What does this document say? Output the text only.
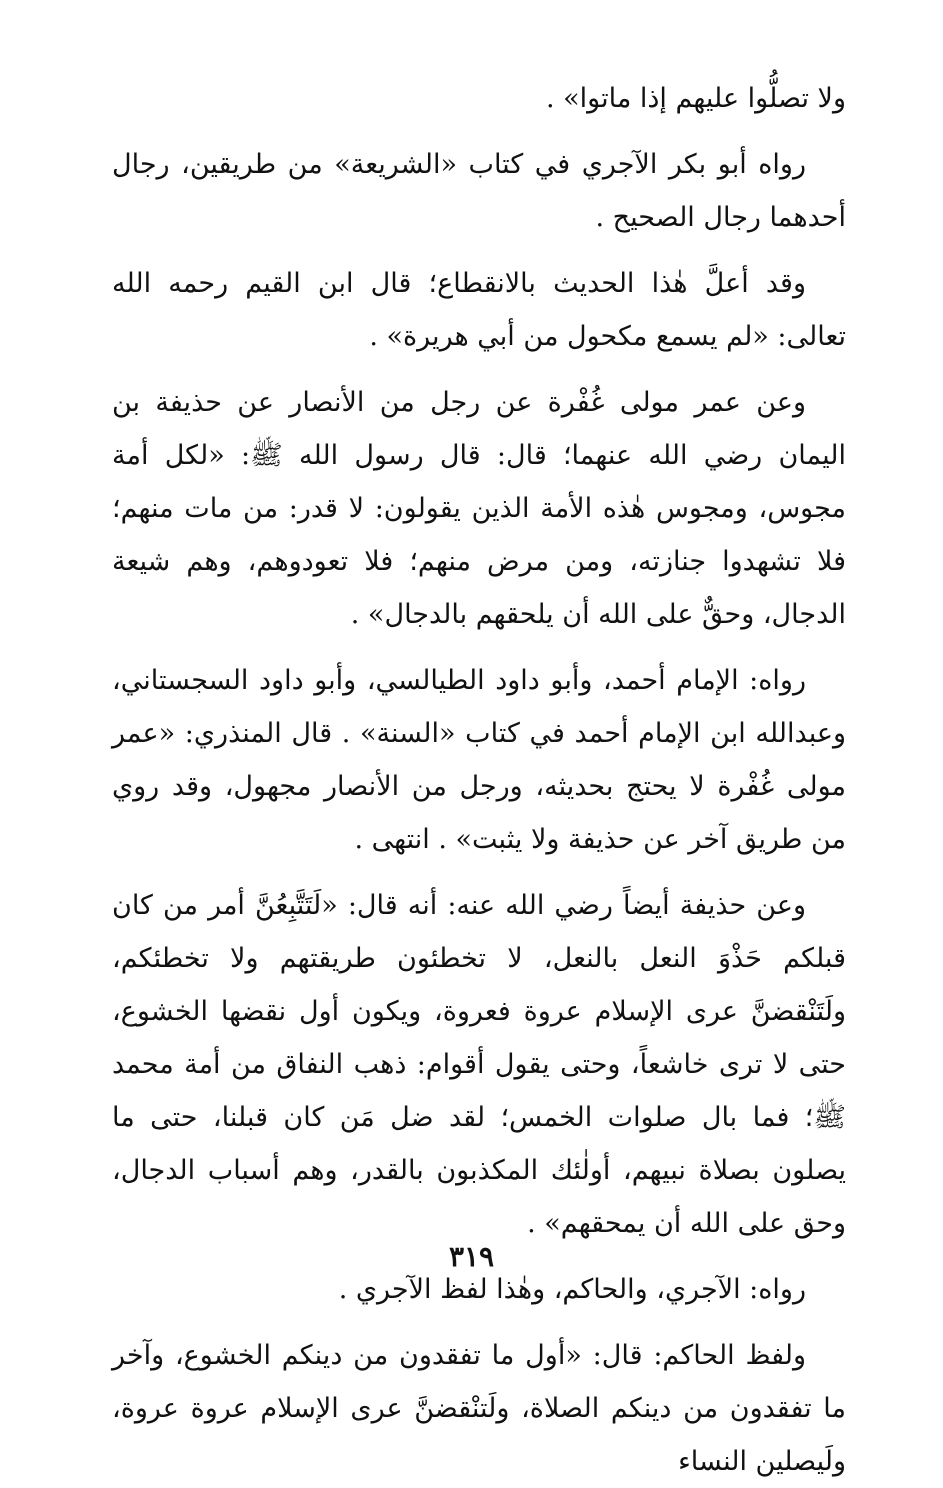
ولا تصلُّوا عليهم إذا ماتوا» .

رواه أبو بكر الآجري في كتاب «الشريعة» من طريقين، رجال أحدهما رجال الصحيح .

وقد أعلَّ هٰذا الحديث بالانقطاع؛ قال ابن القيم رحمه الله تعالى: «لم يسمع مكحول من أبي هريرة» .

وعن عمر مولى غُفْرة عن رجل من الأنصار عن حذيفة بن اليمان رضي الله عنهما؛ قال: قال رسول الله ﷺ: «لكل أمة مجوس، ومجوس هٰذه الأمة الذين يقولون: لا قدر: من مات منهم؛ فلا تشهدوا جنازته، ومن مرض منهم؛ فلا تعودوهم، وهم شيعة الدجال، وحقٌّ على الله أن يلحقهم بالدجال» .

رواه: الإمام أحمد، وأبو داود الطيالسي، وأبو داود السجستاني، وعبدالله ابن الإمام أحمد في كتاب «السنة» . قال المنذري: «عمر مولى غُفْرة لا يحتج بحديثه، ورجل من الأنصار مجهول، وقد روي من طريق آخر عن حذيفة ولا يثبت» . انتهى .

وعن حذيفة أيضاً رضي الله عنه: أنه قال: «لَتَتَّبِعُنَّ أمر من كان قبلكم حَذْوَ النعل بالنعل، لا تخطئون طريقتهم ولا تخطئكم، ولَتَنْقضنَّ عرى الإسلام عروة فعروة، ويكون أول نقضها الخشوع، حتى لا ترى خاشعاً، وحتى يقول أقوام: ذهب النفاق من أمة محمد ﷺ؛ فما بال صلوات الخمس؛ لقد ضل مَن كان قبلنا، حتى ما يصلون بصلاة نبيهم، أولٰئك المكذبون بالقدر، وهم أسباب الدجال، وحق على الله أن يمحقهم» .

رواه: الآجري، والحاكم، وهٰذا لفظ الآجري .

ولفظ الحاكم: قال: «أول ما تفقدون من دينكم الخشوع، وآخر ما تفقدون من دينكم الصلاة، ولَتنْقضنَّ عرى الإسلام عروة عروة، ولَيصلين النساء

٣١٩
